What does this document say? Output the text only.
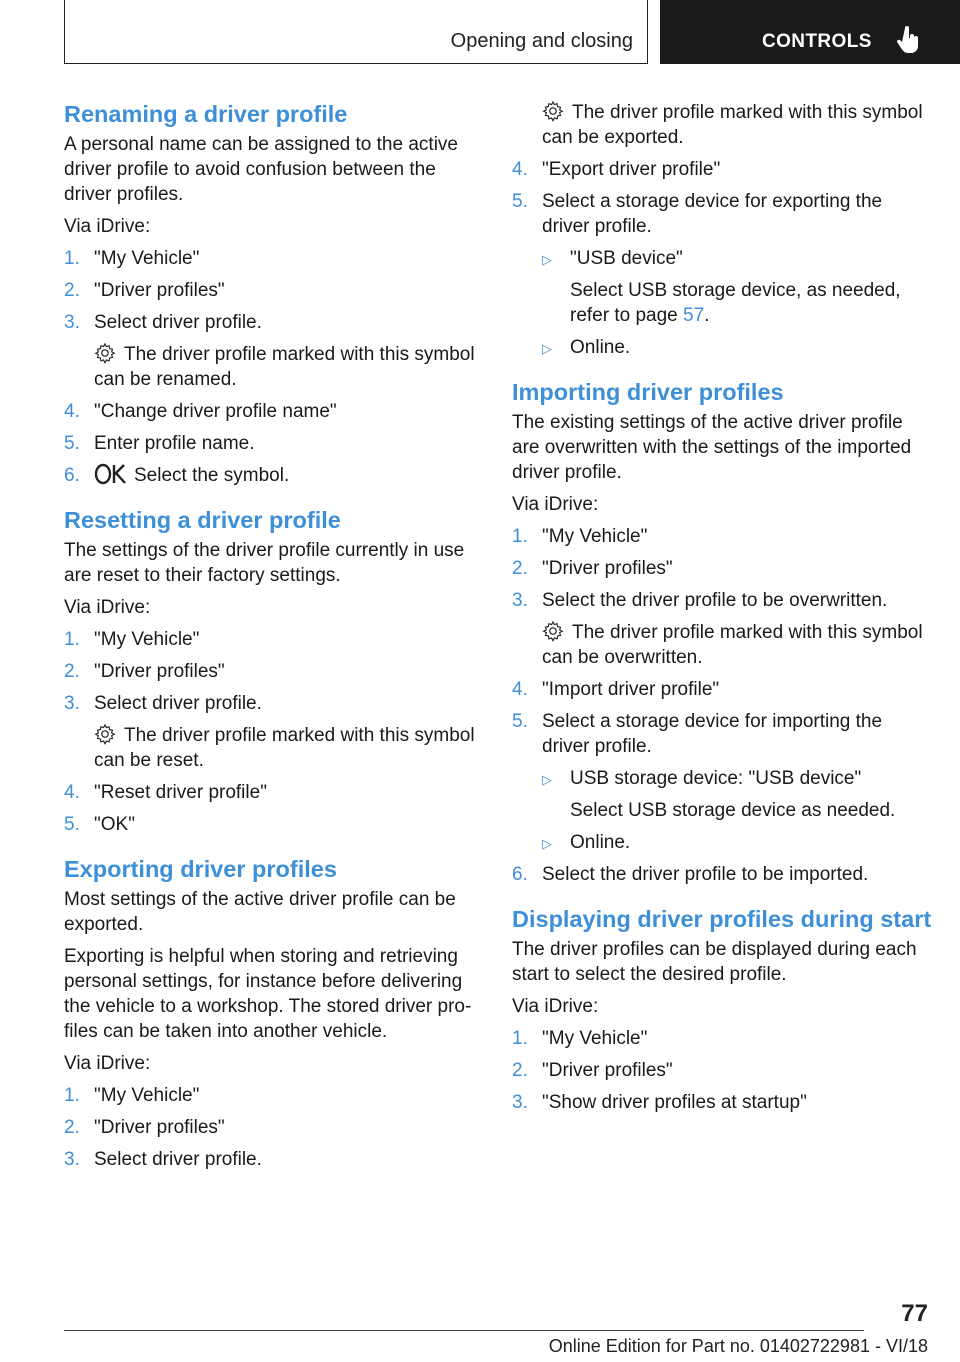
Opening and closing	CONTROLS
Renaming a driver profile

A personal name can be assigned to the active driver profile to avoid confusion between the driver profiles.

Via iDrive:

1. "My Vehicle"
2. "Driver profiles"
3. Select driver profile.
The driver profile marked with this symbol can be renamed.
4. "Change driver profile name"
5. Enter profile name.
6.	Select the symbol.
Resetting a driver profile

The settings of the driver profile currently in use are reset to their factory settings.

Via iDrive:

1. "My Vehicle"
2. "Driver profiles"
3. Select driver profile.
The driver profile marked with this symbol can be reset.
4. "Reset driver profile"
5. "OK"
Exporting driver profiles

Most settings of the active driver profile can be exported.

Exporting is helpful when storing and retrieving personal settings, for instance before delivering the vehicle to a workshop. The stored driver pro‐files can be taken into another vehicle.

Via iDrive:

1. "My Vehicle"
2. "Driver profiles"
3. Select driver profile.

The driver profile marked with this symbol can be exported.

4. "Export driver profile"
5. Select a storage device for exporting the driver profile.
▷ "USB device"
Select USB storage device, as needed, refer to page 57.
▷ Online.
Importing driver profiles

The existing settings of the active driver profile are overwritten with the settings of the imported driver profile.

Via iDrive:

1. "My Vehicle"
2. "Driver profiles"
3. Select the driver profile to be overwritten.
The driver profile marked with this symbol can be overwritten.
4. "Import driver profile"
5. Select a storage device for importing the driver profile.
▷ USB storage device: "USB device"
Select USB storage device as needed.
▷ Online.
6. Select the driver profile to be imported.
Displaying driver profiles during start

The driver profiles can be displayed during each start to select the desired profile.

Via iDrive:

1. "My Vehicle"
2. "Driver profiles"
3. "Show driver profiles at startup"
77
Online Edition for Part no. 01402722981 - VI/18
